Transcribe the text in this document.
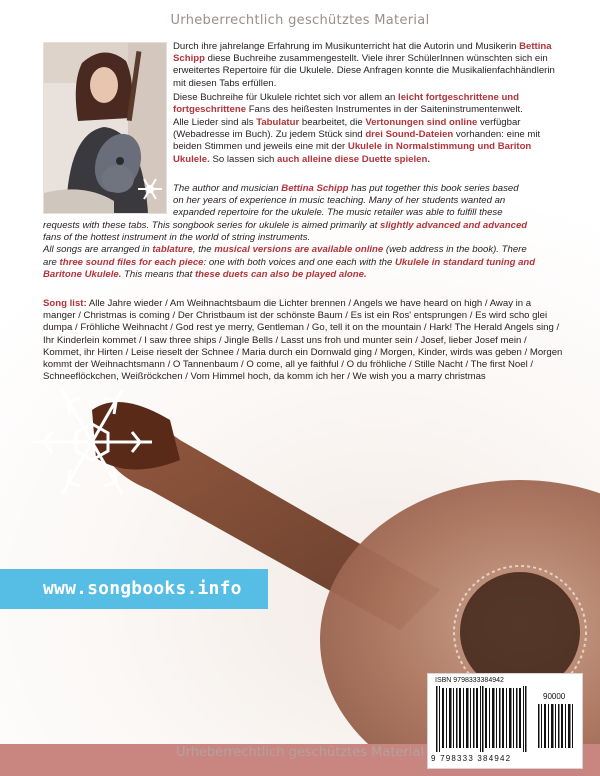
Urheberrechtlich geschütztes Material
Durch ihre jahrelange Erfahrung im Musikunterricht hat die Autorin und Musikerin Bettina Schipp diese Buchreihe zusammengestellt. Viele ihrer SchülerInnen wünschten sich ein erweitertes Repertoire für die Ukulele. Diese Anfragen konnte die Musikalienfachhändlerin mit diesen Tabs erfüllen.
Diese Buchreihe für Ukulele richtet sich vor allem an leicht fortgeschrittene und fortgeschrittene Fans des heißesten Instrumentes in der Saiteninstrumentenwelt.
Alle Lieder sind als Tabulatur bearbeitet, die Vertonungen sind online verfügbar (Webadresse im Buch). Zu jedem Stück sind drei Sound-Dateien vorhanden: eine mit beiden Stimmen und jeweils eine mit der Ukulele in Normalstimmung und Bariton Ukulele. So lassen sich auch alleine diese Duette spielen.
The author and musician Bettina Schipp has put together this book series based
on her years of experience in music teaching. Many of her students wanted an
expanded repertoire for the ukulele. The music retailer was able to fulfill these
requests with these tabs. This songbook series for ukulele is aimed primarily at slightly advanced and advanced
fans of the hottest instrument in the world of string instruments.
All songs are arranged in tablature, the musical versions are available online (web address in the book). There
are three sound files for each piece: one with both voices and one each with the Ukulele in standard tuning and
Baritone Ukulele. This means that these duets can also be played alone.
Song list: Alle Jahre wieder / Am Weihnachtsbaum die Lichter brennen / Angels we have heard on high / Away in a manger / Christmas is coming / Der Christbaum ist der schönste Baum / Es ist ein Ros' entsprungen / Es wird scho glei dumpa / Fröhliche Weihnacht / God rest ye merry, Gentleman / Go, tell it on the mountain / Hark! The Herald Angels sing / Ihr Kinderlein kommet / I saw three ships / Jingle Bells / Lasst uns froh und munter sein / Josef, lieber Josef mein / Kommet, ihr Hirten / Leise rieselt der Schnee / Maria durch ein Dornwald ging / Morgen, Kinder, wirds was geben / Morgen kommt der Weihnachtsmann / O Tannenbaum / O come, all ye faithful / O du fröhliche / Stille Nacht / The first Noel / Schneeflöckchen, Weißröckchen / Vom Himmel hoch, da komm ich her / We wish you a marry christmas
www.songbooks.info
Urheberrechtlich geschütztes Material
ISBN 9798333384942
90000
9 798333 384942
